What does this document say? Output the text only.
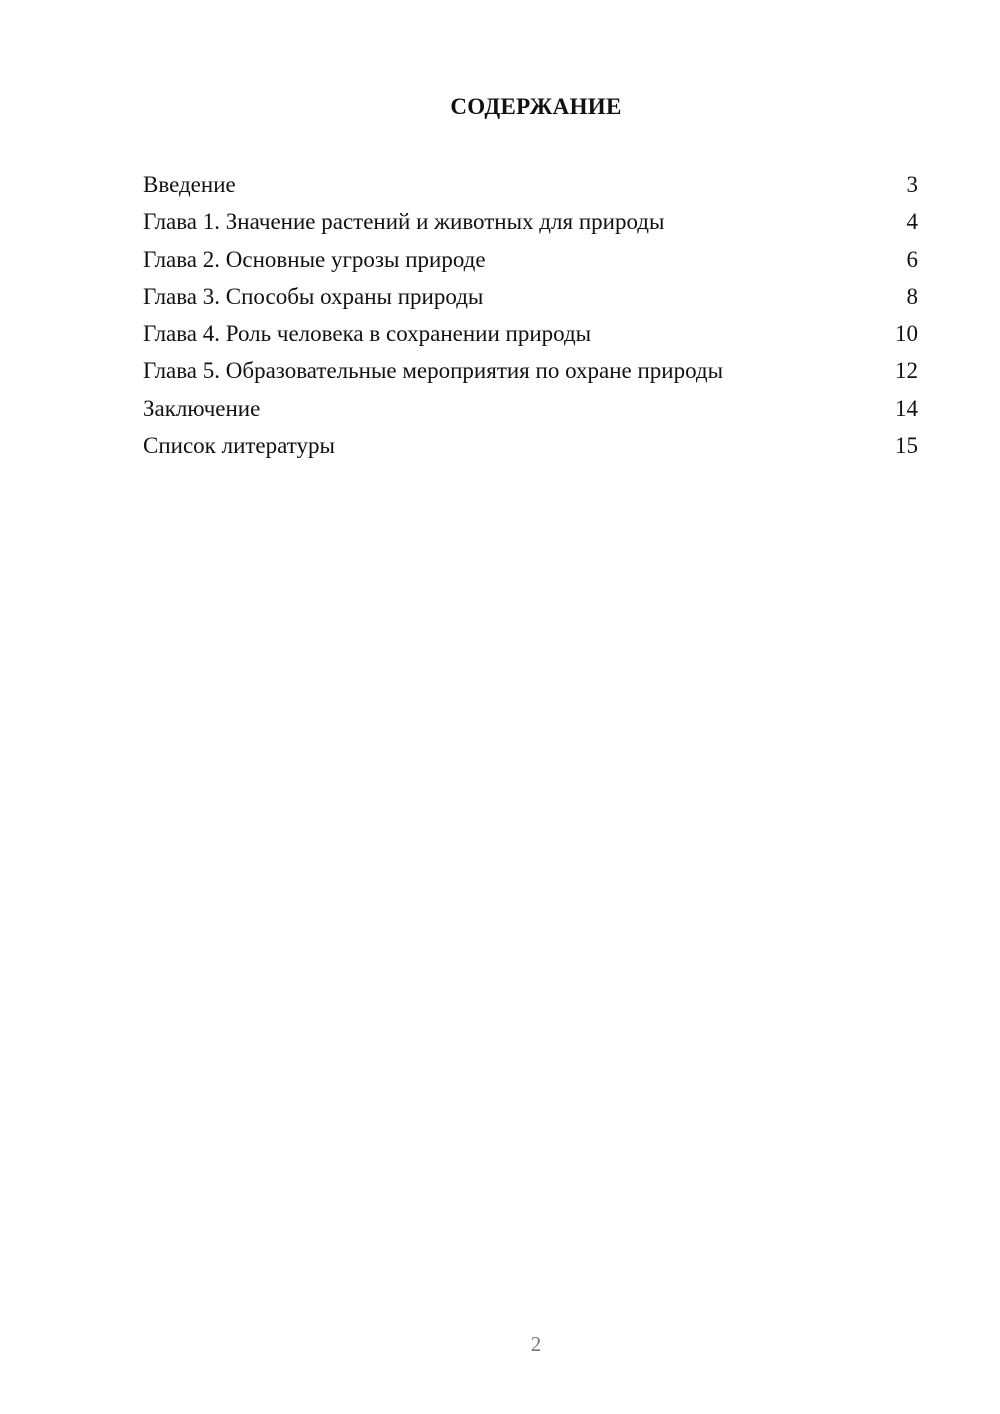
СОДЕРЖАНИЕ
Введение	3
Глава 1. Значение растений и животных для природы	4
Глава 2. Основные угрозы природе	6
Глава 3. Способы охраны природы	8
Глава 4. Роль человека в сохранении природы	10
Глава 5. Образовательные мероприятия по охране природы	12
Заключение	14
Список литературы	15
2
